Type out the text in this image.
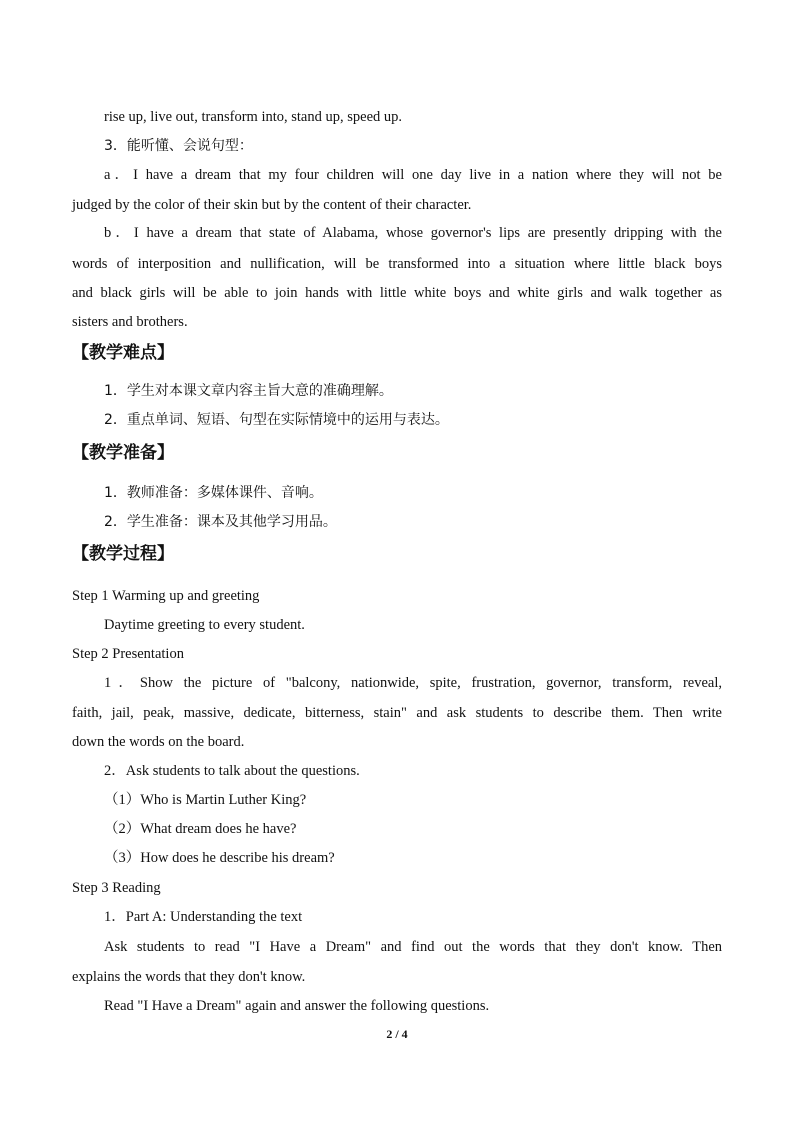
rise up, live out, transform into, stand up, speed up.
3．能听懂、会说句型：
a．I have a dream that my four children will one day live in a nation where they will not be
judged by the color of their skin but by the content of their character.
b．I have a dream that state of Alabama, whose governor's lips are presently dripping with the
words of interposition and nullification, will be transformed into a situation where little black boys
and black girls will be able to join hands with little white boys and white girls and walk together as
sisters and brothers.
【教学难点】
1．学生对本课文章内容主旨大意的准确理解。
2．重点单词、短语、句型在实际情境中的运用与表达。
【教学准备】
1．教师准备：多媒体课件、音响。
2．学生准备：课本及其他学习用品。
【教学过程】
Step 1 Warming up and greeting
Daytime greeting to every student.
Step 2 Presentation
1．Show the picture of "balcony, nationwide, spite, frustration, governor, transform, reveal,
faith, jail, peak, massive, dedicate, bitterness, stain" and ask students to describe them. Then write
down the words on the board.
2．Ask students to talk about the questions.
（1）Who is Martin Luther King?
（2）What dream does he have?
（3）How does he describe his dream?
Step 3 Reading
1．Part A: Understanding the text
Ask students to read "I Have a Dream" and find out the words that they don't know. Then
explains the words that they don't know.
Read "I Have a Dream" again and answer the following questions.
2 / 4
